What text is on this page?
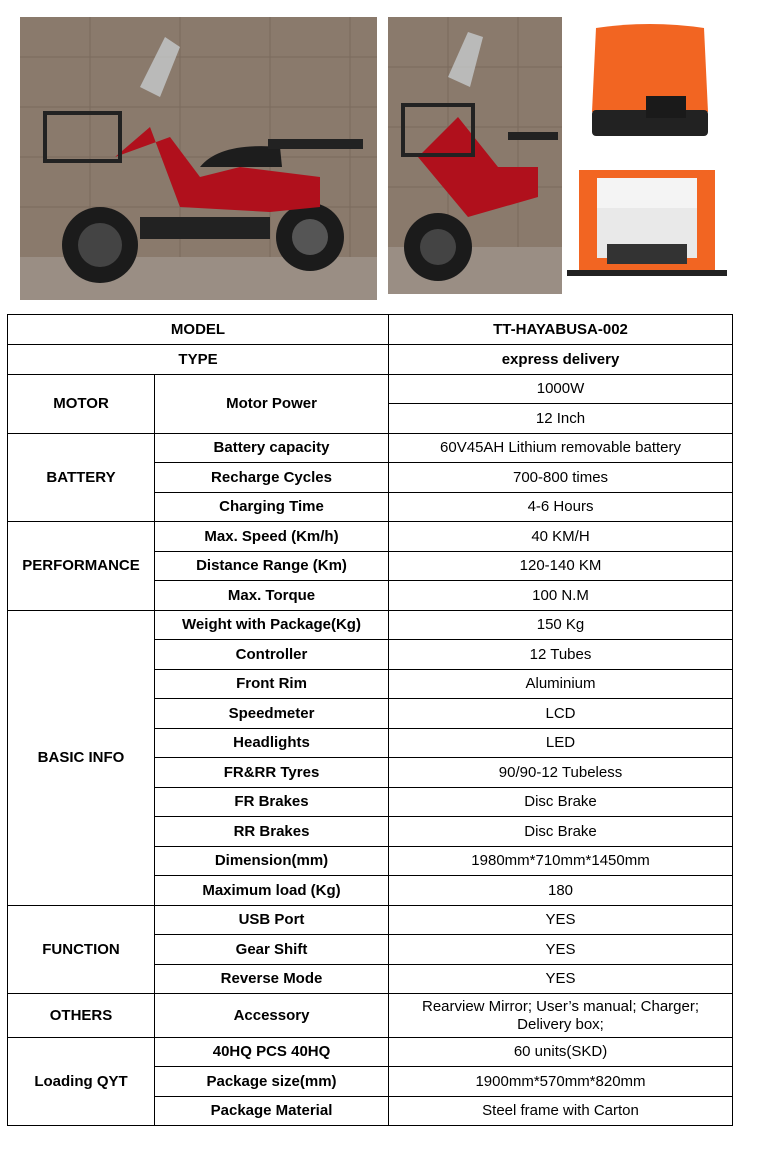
MODEL		TT-HAYABUSA-002
TYPE		express delivery
MOTOR	Motor Power	1000W
		12 Inch
BATTERY	Battery capacity	60V45AH Lithium removable battery
	Recharge Cycles	700-800 times
	Charging Time	4-6 Hours
PERFORMANCE	Max. Speed (Km/h)	40 KM/H
	Distance Range (Km)	120-140 KM
	Max. Torque	100 N.M
BASIC INFO	Weight with Package(Kg)	150 Kg
	Controller	12 Tubes
	Front Rim	Aluminium
	Speedmeter	LCD
	Headlights	LED
	FR&RR Tyres	90/90-12 Tubeless
	FR Brakes	Disc Brake
	RR Brakes	Disc Brake
	Dimension(mm)	1980mm*710mm*1450mm
	Maximum load (Kg)	180
FUNCTION	USB Port	YES
	Gear Shift	YES
	Reverse Mode	YES
OTHERS	Accessory	Rearview Mirror; User’s manual; Charger;
Delivery box;

Loading QYT	40HQ PCS 40HQ	60 units(SKD)
	Package size(mm)	1900mm*570mm*820mm
	Package Material	Steel frame with Carton
